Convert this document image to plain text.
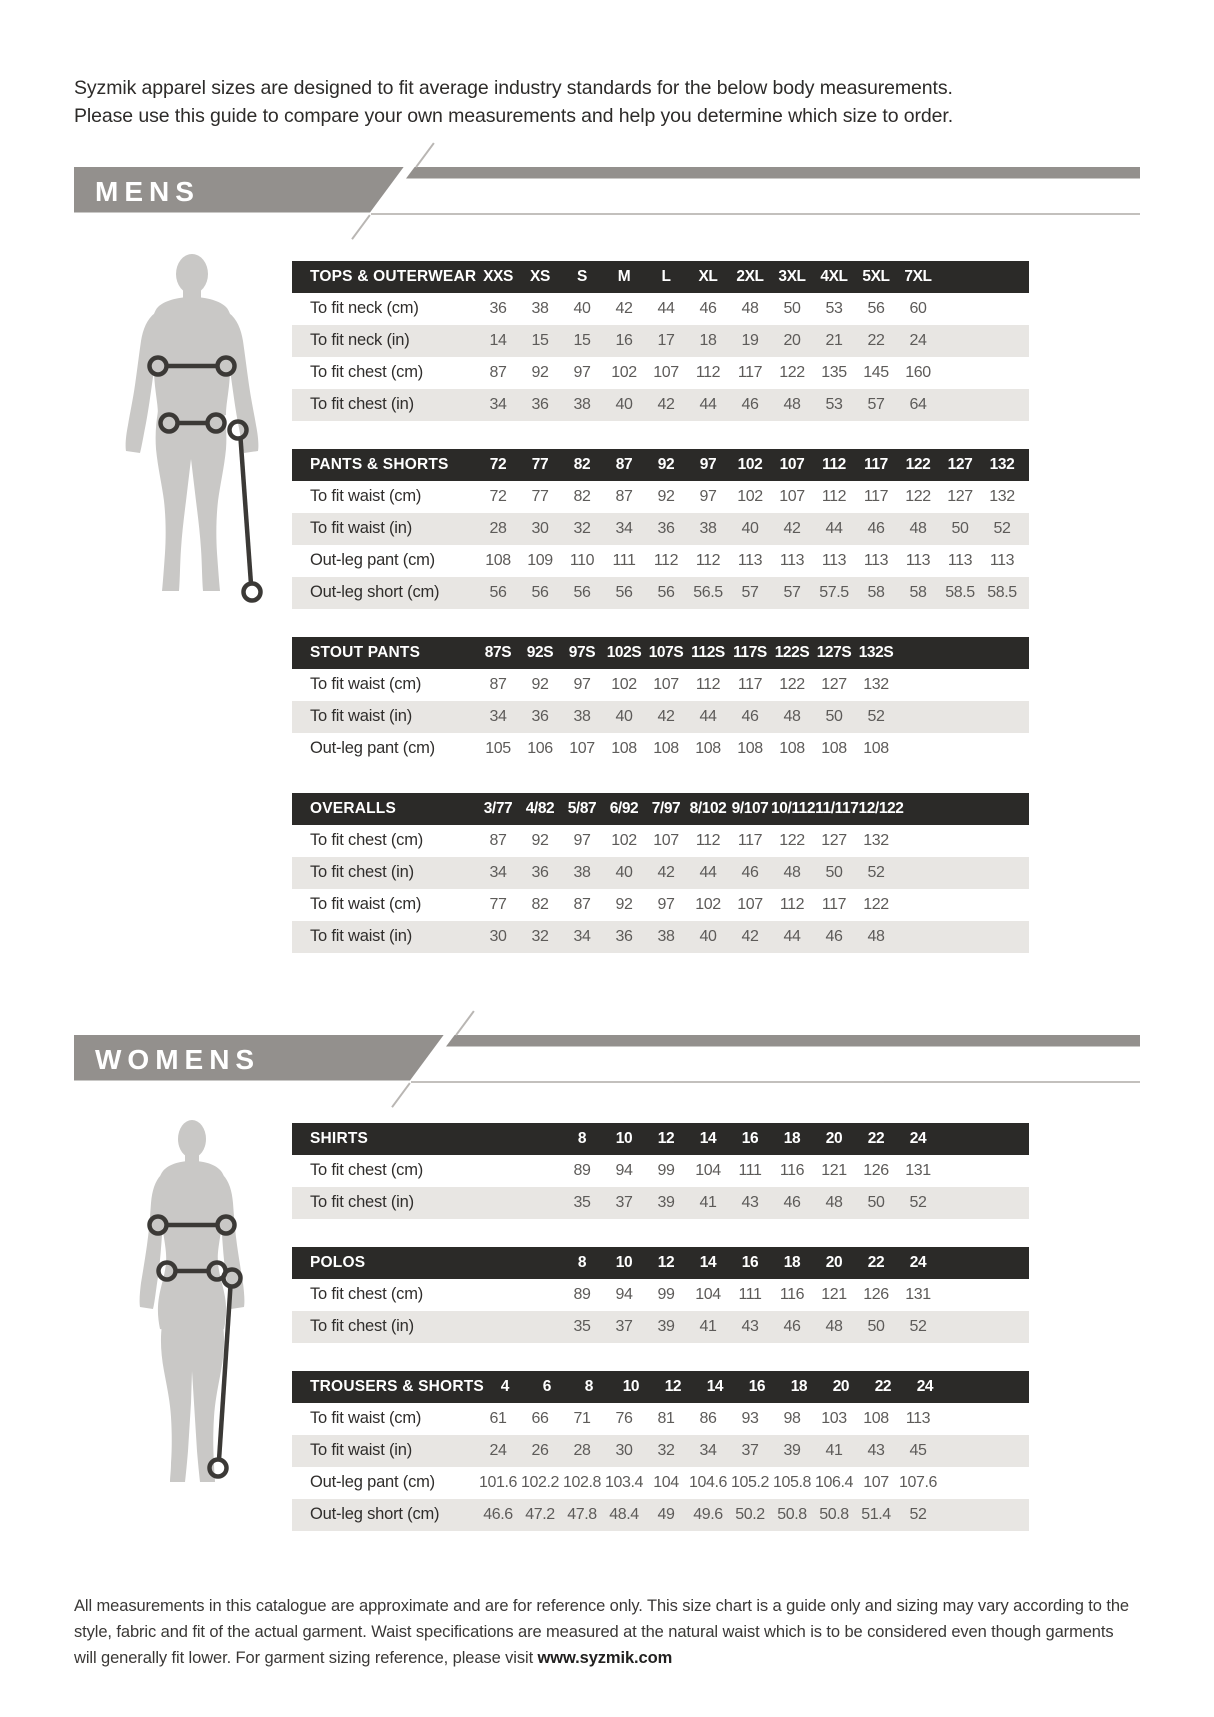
Syzmik apparel sizes are designed to fit average industry standards for the below body measurements.
Please use this guide to compare your own measurements and help you determine which size to order.
MENS
TOPS & OUTERWEAR XXS	XS	S	M	L	XL	2XL 3XL 4XL 5XL 7XL
To fit neck (cm)	36	38	40	42	44	46	48	50	53	56	60
To fit neck (in)	14	15	15	16	17	18	19	20	21	22	24
To fit chest (cm)	87	92	97	102	107	112	117	122	135	145	160
To fit chest (in)	34	36	38	40	42	44	46	48	53	57	64
PANTS & SHORTS	72	77	82	87	92	97	102	107	112	117	122	127	132
To fit waist (cm)	72	77	82	87	92	97	102	107	112	117	122	127	132
To fit waist (in)	28	30	32	34	36	38	40	42	44	46	48	50	52
Out-leg pant (cm)	108	109	110	111	112	112	113	113	113	113	113	113	113
Out-leg short (cm)	56	56	56	56	56	56.5	57	57	57.5	58	58	58.5 58.5
STOUT PANTS	87S	92S	97S 102S 107S 112S 117S 122S 127S 132S
To fit waist (cm)	87	92	97	102	107	112	117	122	127	132
To fit waist (in)	34	36	38	40	42	44	46	48	50	52
Out-leg pant (cm)	105	106	107	108	108	108	108	108	108	108
OVERALLS	3/77 4/82 5/87 6/92 7/97 8/102 9/107 10/112 11/117 12/122
To fit chest (cm)	87	92	97	102	107	112	117	122	127	132
To fit chest (in)	34	36	38	40	42	44	46	48	50	52
To fit waist (cm)	77	82	87	92	97	102	107	112	117	122
To fit waist (in)	30	32	34	36	38	40	42	44	46	48
WOMENS
SHIRTS	8	10	12	14	16	18	20	22	24
To fit chest (cm)	89	94	99	104	111	116	121	126	131
To fit chest (in)	35	37	39	41	43	46	48	50	52
POLOS	8	10	12	14	16	18	20	22	24
To fit chest (cm)	89	94	99	104	111	116	121	126	131
To fit chest (in)	35	37	39	41	43	46	48	50	52
TROUSERS & SHORTS	4	6	8	10	12	14	16	18	20	22	24
To fit waist (cm)	61	66	71	76	81	86	93	98	103	108	113
To fit waist (in)	24	26	28	30	32	34	37	39	41	43	45
Out-leg pant (cm)	101.6 102.2 102.8 103.4 104 104.6 105.2 105.8 106.4 107 107.6
Out-leg short (cm)	46.6 47.2 47.8 48.4	49	49.6 50.2 50.8 50.8 51.4	52
All measurements in this catalogue are approximate and are for reference only. This size chart is a guide only and sizing may vary according to the style, fabric and fit of the actual garment. Waist specifications are measured at the natural waist which is to be considered even though garments will generally fit lower. For garment sizing reference, please visit www.syzmik.com
